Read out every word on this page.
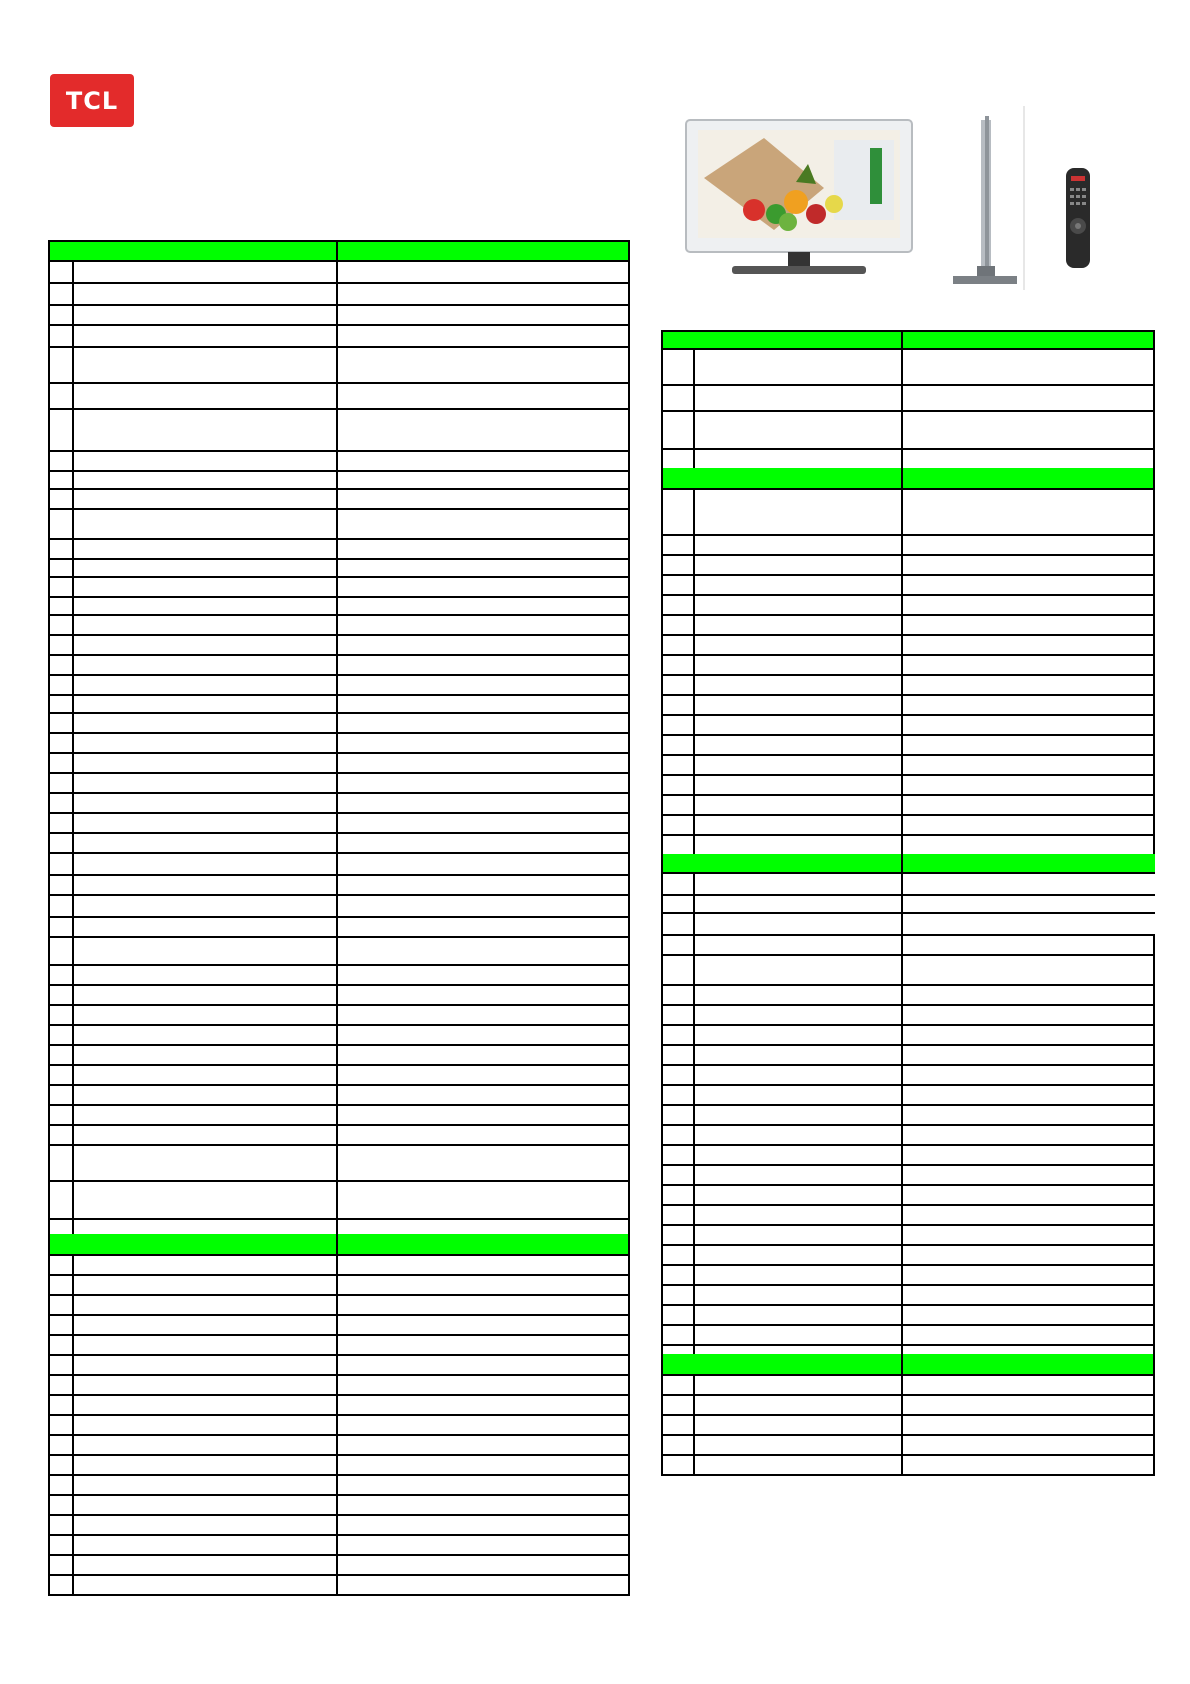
TCL
